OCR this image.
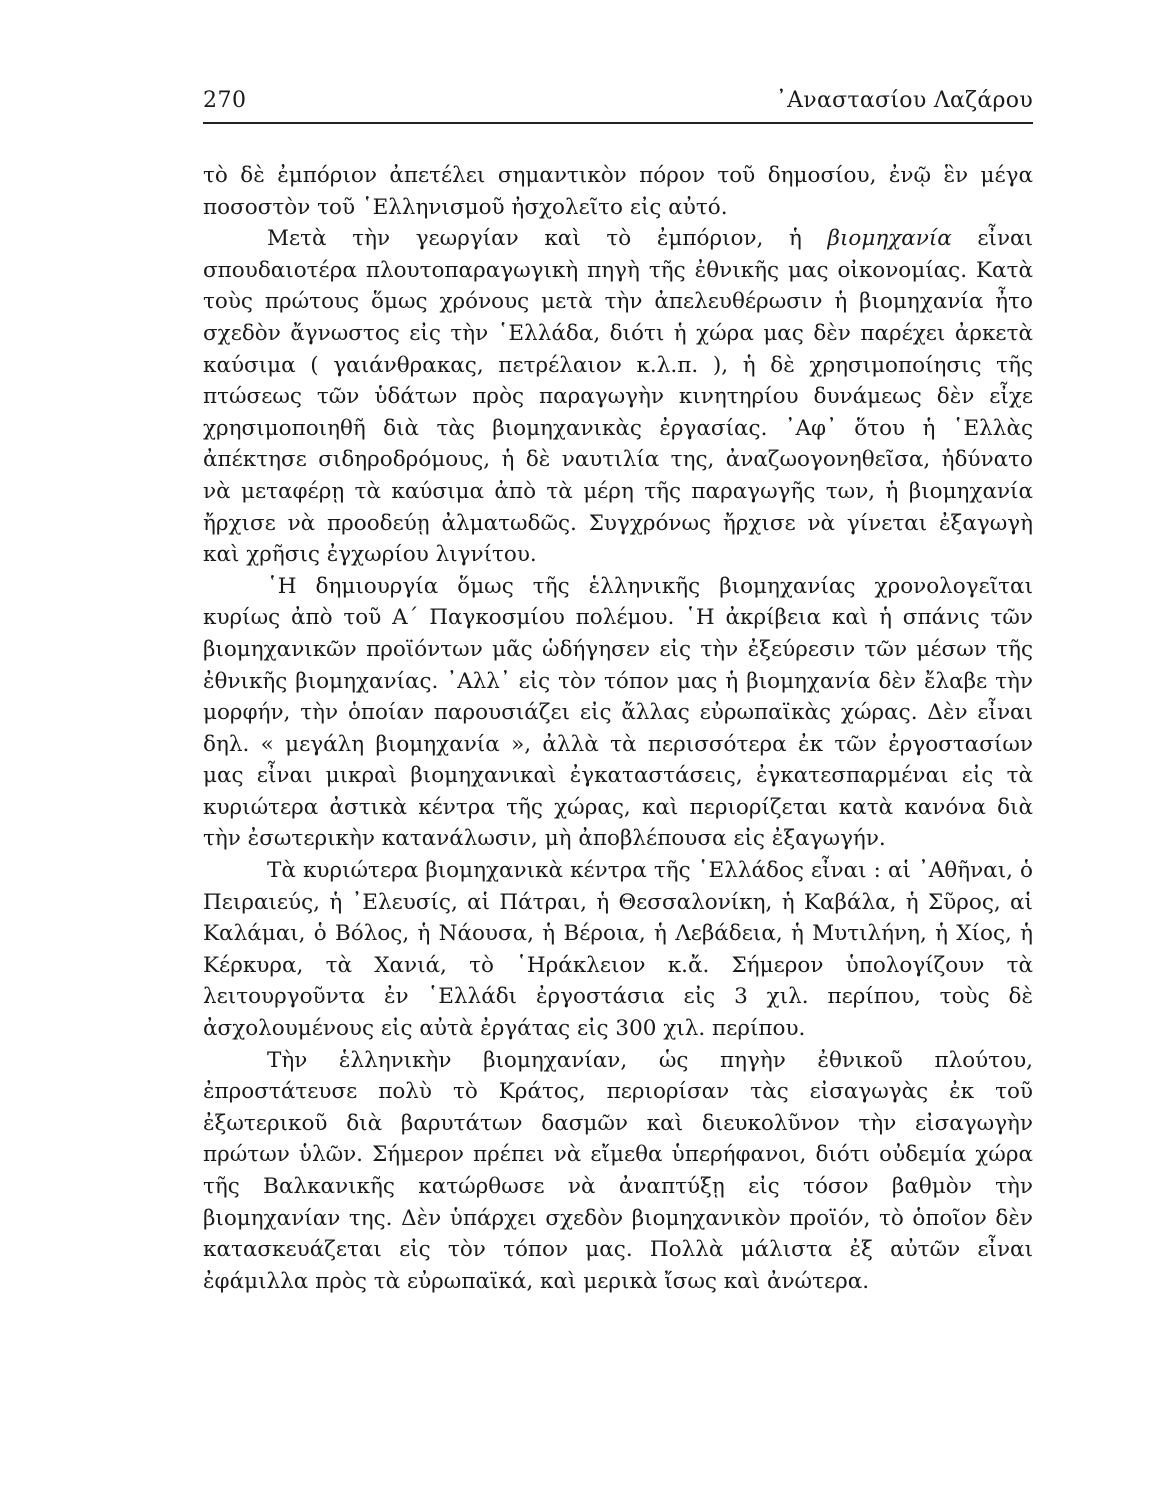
270	᾿Αναστασίου Λαζάρου

τὸ δὲ ἐμπόριον ἀπετέλει σημαντικὸν πόρον τοῦ δημοσίου, ἐνῷ ἓν μέγα ποσοστὸν τοῦ ῾Ελληνισμοῦ ἠσχολεῖτο εἰς αὐτό.

Μετὰ τὴν γεωργίαν καὶ τὸ ἐμπόριον, ἡ βιομηχανία εἶναι σπουδαιοτέρα πλουτοπαραγωγικὴ πηγὴ τῆς ἐθνικῆς μας οἰκονομίας. Κατὰ τοὺς πρώτους ὅμως χρόνους μετὰ τὴν ἀπελευθέρωσιν ἡ βιομηχανία ἦτο σχεδὸν ἄγνωστος εἰς τὴν ῾Ελλάδα, διότι ἡ χώρα μας δὲν παρέχει ἀρκετὰ καύσιμα ( γαιάνθρακας, πετρέλαιον κ.λ.π. ), ἡ δὲ χρησιμοποίησις τῆς πτώσεως τῶν ὑδάτων πρὸς παραγωγὴν κινητηρίου δυνάμεως δὲν εἶχε χρησιμοποιηθῆ διὰ τὰς βιομηχανικὰς ἐργασίας. ᾿Αφ᾿ ὅτου ἡ ῾Ελλὰς ἀπέκτησε σιδηροδρόμους, ἡ δὲ ναυτιλία της, ἀναζωογονηθεῖσα, ἠδύνατο νὰ μεταφέρῃ τὰ καύσιμα ἀπὸ τὰ μέρη τῆς παραγωγῆς των, ἡ βιομηχανία ἤρχισε νὰ προοδεύῃ ἀλματωδῶς. Συγχρόνως ἤρχισε νὰ γίνεται ἐξαγωγὴ καὶ χρῆσις ἐγχωρίου λιγνίτου.

῾Η δημιουργία ὅμως τῆς ἑλληνικῆς βιομηχανίας χρονολογεῖται κυρίως ἀπὸ τοῦ Α΄ Παγκοσμίου πολέμου. ῾Η ἀκρίβεια καὶ ἡ σπάνις τῶν βιομηχανικῶν προϊόντων μᾶς ὡδήγησεν εἰς τὴν ἐξεύρεσιν τῶν μέσων τῆς ἐθνικῆς βιομηχανίας. ᾿Αλλ᾿ εἰς τὸν τόπον μας ἡ βιομηχανία δὲν ἔλαβε τὴν μορφήν, τὴν ὁποίαν παρουσιάζει εἰς ἄλλας εὐρωπαϊκὰς χώρας. Δὲν εἶναι δηλ. « μεγάλη βιομηχανία », ἀλλὰ τὰ περισσότερα ἐκ τῶν ἐργοστασίων μας εἶναι μικραὶ βιομηχανικαὶ ἐγκαταστάσεις, ἐγκατεσπαρμέναι εἰς τὰ κυριώτερα ἀστικὰ κέντρα τῆς χώρας, καὶ περιορίζεται κατὰ κανόνα διὰ τὴν ἐσωτερικὴν κατανάλωσιν, μὴ ἀποβλέπουσα εἰς ἐξαγωγήν.

Τὰ κυριώτερα βιομηχανικὰ κέντρα τῆς ῾Ελλάδος εἶναι : αἱ ᾿Αθῆναι, ὁ Πειραιεύς, ἡ ᾿Ελευσίς, αἱ Πάτραι, ἡ Θεσσαλονίκη, ἡ Καβάλα, ἡ Σῦρος, αἱ Καλάμαι, ὁ Βόλος, ἡ Νάουσα, ἡ Βέροια, ἡ Λεβάδεια, ἡ Μυτιλήνη, ἡ Χίος, ἡ Κέρκυρα, τὰ Χανιά, τὸ ῾Ηράκλειον κ.ἄ. Σήμερον ὑπολογίζουν τὰ λειτουργοῦντα ἐν ῾Ελλάδι ἐργοστάσια εἰς 3 χιλ. περίπου, τοὺς δὲ ἀσχολουμένους εἰς αὐτὰ ἐργάτας εἰς 300 χιλ. περίπου.

Τὴν ἑλληνικὴν βιομηχανίαν, ὡς πηγὴν ἐθνικοῦ πλούτου, ἐπροστάτευσε πολὺ τὸ Κράτος, περιορίσαν τὰς εἰσαγωγὰς ἐκ τοῦ ἐξωτερικοῦ διὰ βαρυτάτων δασμῶν καὶ διευκολῦνον τὴν εἰσαγωγὴν πρώτων ὑλῶν. Σήμερον πρέπει νὰ εἴμεθα ὑπερήφανοι, διότι οὐδεμία χώρα τῆς Βαλκανικῆς κατώρθωσε νὰ ἀναπτύξῃ εἰς τόσον βαθμὸν τὴν βιομηχανίαν της. Δὲν ὑπάρχει σχεδὸν βιομηχανικὸν προϊόν, τὸ ὁποῖον δὲν κατασκευάζεται εἰς τὸν τόπον μας. Πολλὰ μάλιστα ἐξ αὐτῶν εἶναι ἐφάμιλλα πρὸς τὰ εὐρωπαϊκά, καὶ μερικὰ ἴσως καὶ ἀνώτερα.
